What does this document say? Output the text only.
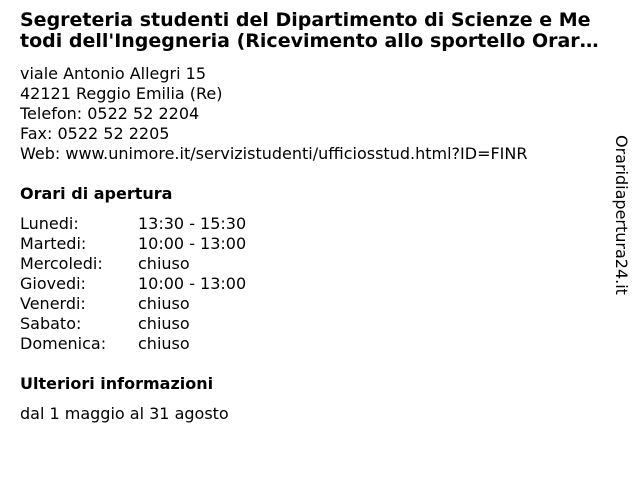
Segreteria studenti del Dipartimento di Scienze e Me
todi dell'Ingegneria (Ricevimento allo sportello Orar…
viale Antonio Allegri 15
42121 Reggio Emilia (Re)
Telefon: 0522 52 2204
Fax: 0522 52 2205
Web: www.unimore.it/servizistudenti/ufficiosstud.html?ID=FINR
Orari di apertura
Lunedi:	13:30 - 15:30
Martedi:	10:00 - 13:00
Mercoledi:	chiuso
Giovedi:	10:00 - 13:00
Venerdi:	chiuso
Sabato:	chiuso
Domenica:	chiuso
Ulteriori informazioni
dal 1 maggio al 31 agosto
Oraridiapertura24.it
